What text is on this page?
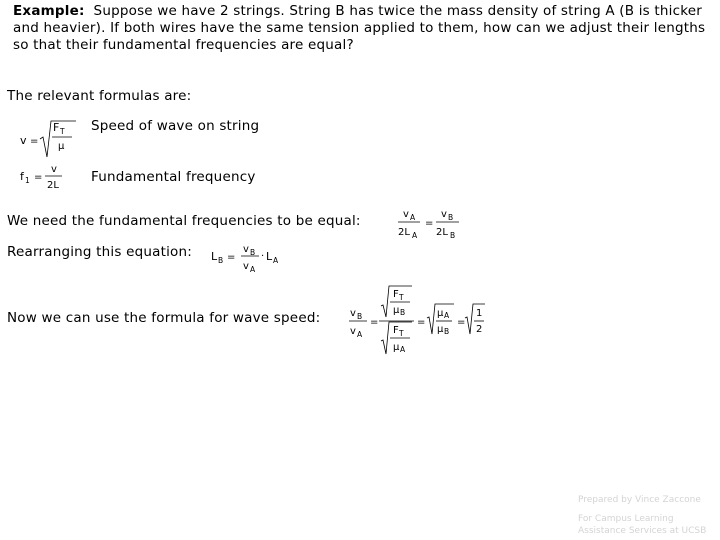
Example: Suppose we have 2 strings. String B has twice the mass density of string A (B is thicker and heavier). If both wires have the same tension applied to them, how can we adjust their lengths so that their fundamental frequencies are equal?
The relevant formulas are:
Speed of wave on string
Fundamental frequency
We need the fundamental frequencies to be equal:
Rearranging this equation:
Now we can use the formula for wave speed:
v =
F T
μ
f 1 =
v
2L
v A
2L A
=
v B
2L B
L B =
v B
v A
· L A
v B
v A
=
F T
μ B
F T
μ A
=
μ A
μ B
=
1
2
Prepared by Vince Zaccone
For Campus Learning
Assistance Services at UCSB
